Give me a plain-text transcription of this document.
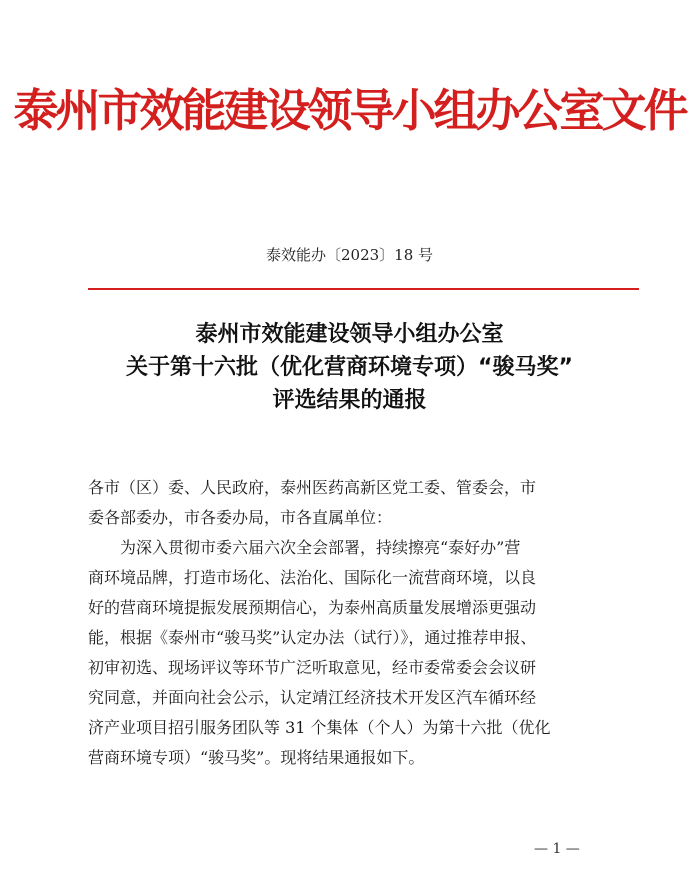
泰州市效能建设领导小组办公室文件
泰效能办〔2023〕18 号
泰州市效能建设领导小组办公室
关于第十六批（优化营商环境专项）“骏马奖”
评选结果的通报
各市（区）委、人民政府，泰州医药高新区党工委、管委会，市
委各部委办，市各委办局，市各直属单位：
　　为深入贯彻市委六届六次全会部署，持续擦亮“泰好办”营
商环境品牌，打造市场化、法治化、国际化一流营商环境，以良
好的营商环境提振发展预期信心，为泰州高质量发展增添更强动
能，根据《泰州市“骏马奖”认定办法（试行）》，通过推荐申报、
初审初选、现场评议等环节广泛听取意见，经市委常委会会议研
究同意，并面向社会公示，认定靖江经济技术开发区汽车循环经
济产业项目招引服务团队等 31 个集体（个人）为第十六批（优化
营商环境专项）“骏马奖”。现将结果通报如下。
— 1 —
